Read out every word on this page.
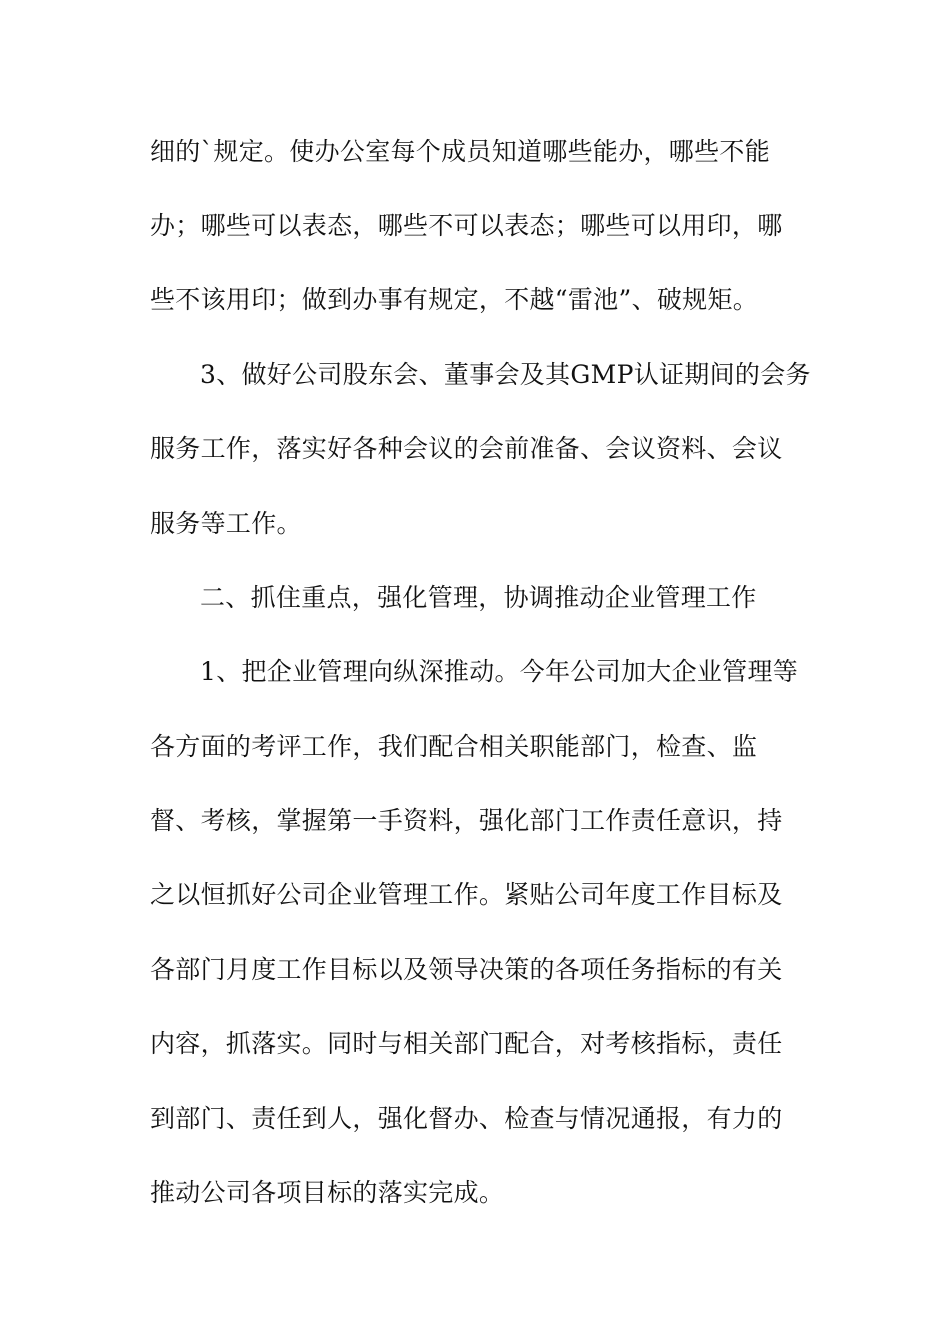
细的`规定。使办公室每个成员知道哪些能办，哪些不能
办；哪些可以表态，哪些不可以表态；哪些可以用印，哪
些不该用印；做到办事有规定，不越“雷池”、破规矩。
3、做好公司股东会、董事会及其GMP认证期间的会务
服务工作，落实好各种会议的会前准备、会议资料、会议
服务等工作。
二、抓住重点，强化管理，协调推动企业管理工作
1、把企业管理向纵深推动。今年公司加大企业管理等
各方面的考评工作，我们配合相关职能部门，检查、监
督、考核，掌握第一手资料，强化部门工作责任意识，持
之以恒抓好公司企业管理工作。紧贴公司年度工作目标及
各部门月度工作目标以及领导决策的各项任务指标的有关
内容，抓落实。同时与相关部门配合，对考核指标，责任
到部门、责任到人，强化督办、检查与情况通报，有力的
推动公司各项目标的落实完成。
